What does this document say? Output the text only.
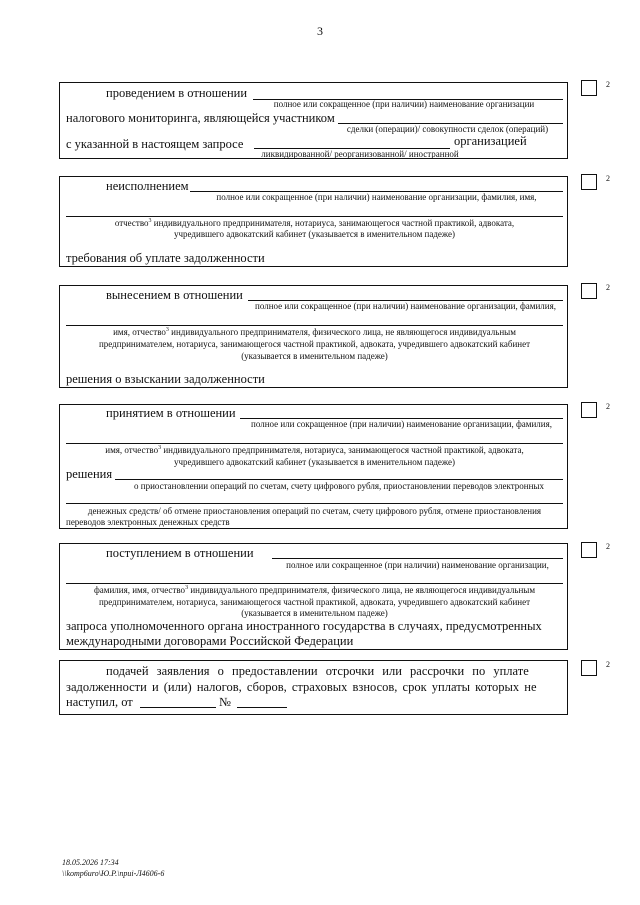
3
проведением в отношении
полное или сокращенное (при наличии) наименование организации
налогового мониторинга, являющейся участником
сделки (операции)/ совокупности сделок (операций)
с указанной в настоящем запросе	организацией
ликвидированной/ реорганизованной/ иностранной
2
неисполнением
полное или сокращенное (при наличии) наименование организации, фамилия, имя,
отчество$^3$ индивидуального предпринимателя, нотариуса, занимающегося частной практикой, адвоката,
учредившего адвокатский кабинет (указывается в именительном падеже)
требования об уплате задолженности
2
вынесением в отношении
полное или сокращенное (при наличии) наименование организации, фамилия,
имя, отчество$^3$ индивидуального предпринимателя, физического лица, не являющегося индивидуальным
предпринимателем, нотариуса, занимающегося частной практикой, адвоката, учредившего адвокатский кабинет
(указывается в именительном падеже)
решения о взыскании задолженности
2
принятием в отношении
полное или сокращенное (при наличии) наименование организации, фамилия,
имя, отчество$^3$ индивидуального предпринимателя, нотариуса, занимающегося частной практикой, адвоката,
учредившего адвокатский кабинет (указывается в именительном падеже)
решения
о приостановлении операций по счетам, счету цифрового рубля, приостановлении переводов электронных
денежных средств/ об отмене приостановления операций по счетам, счету цифрового рубля, отмене приостановления
переводов электронных денежных средств
2
поступлением в отношении
полное или сокращенное (при наличии) наименование организации,
фамилия, имя, отчество$^3$ индивидуального предпринимателя, физического лица, не являющегося индивидуальным
предпринимателем, нотариуса, занимающегося частной практикой, адвоката, учредившего адвокатский кабинет
(указывается в именительном падеже)
запроса уполномоченного органа иностранного государства в случаях, предусмотренных
международными договорами Российской Федерации
2
подачей заявления о предоставлении отсрочки или рассрочки по уплате
задолженности и (или) налогов, сборов, страховых взносов, срок уплаты которых не
наступил, от	№
2
18.05.2026 17:34
\\komp6uro\Ю.Р.\приi-Л4606-6
